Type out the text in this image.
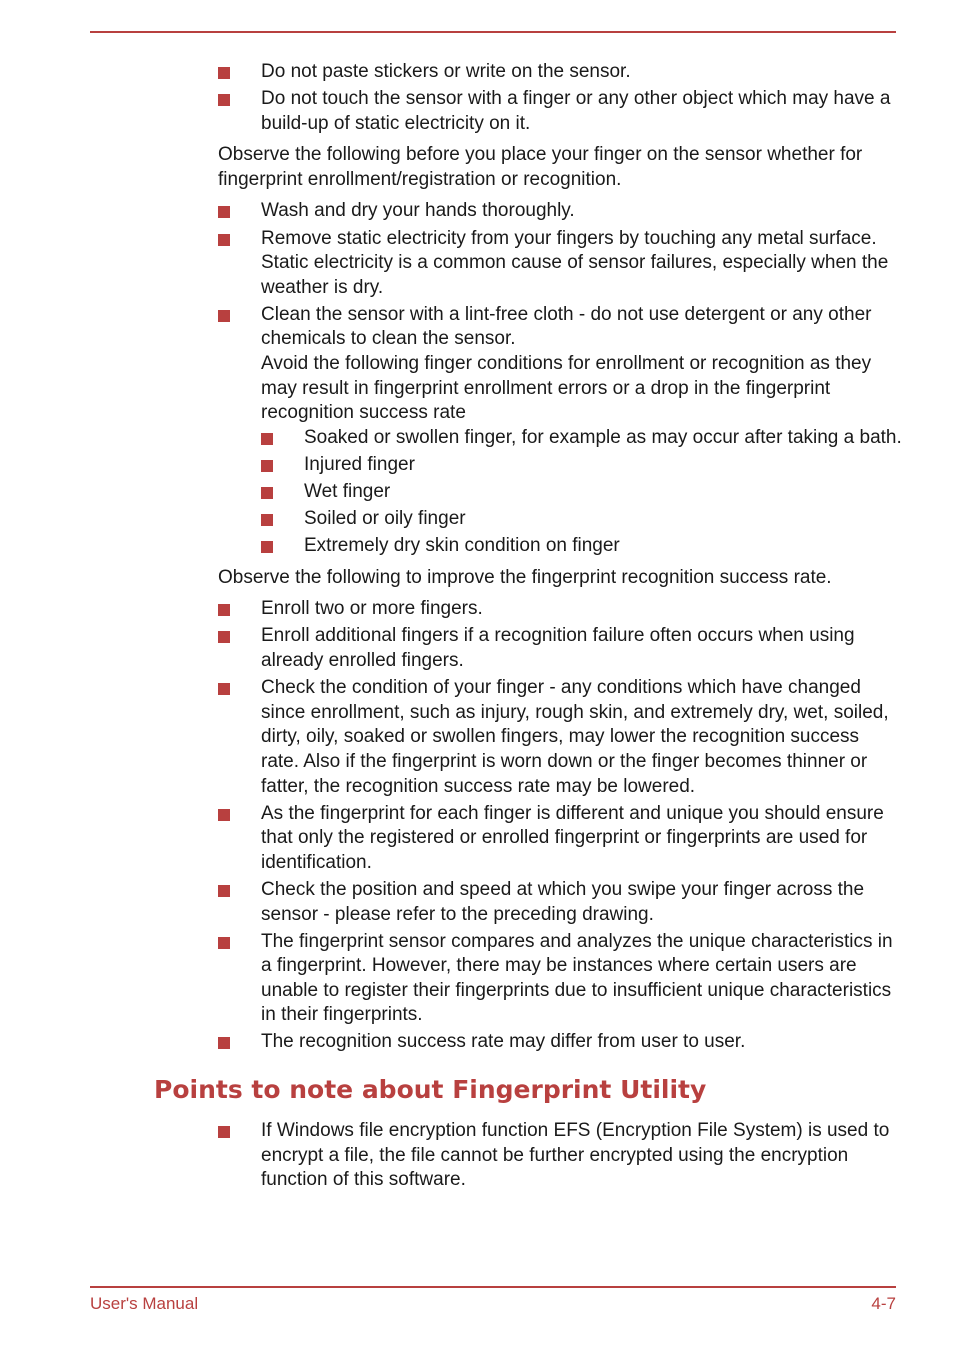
Do not paste stickers or write on the sensor.
Do not touch the sensor with a finger or any other object which may have a build-up of static electricity on it.

Observe the following before you place your finger on the sensor whether for fingerprint enrollment/registration or recognition.

Wash and dry your hands thoroughly.
Remove static electricity from your fingers by touching any metal surface. Static electricity is a common cause of sensor failures, especially when the weather is dry.
Clean the sensor with a lint-free cloth - do not use detergent or any other chemicals to clean the sensor.

Avoid the following finger conditions for enrollment or recognition as they may result in fingerprint enrollment errors or a drop in the fingerprint recognition success rate

Soaked or swollen finger, for example as may occur after taking a bath.
Injured finger
Wet finger
Soiled or oily finger
Extremely dry skin condition on finger

Observe the following to improve the fingerprint recognition success rate.

Enroll two or more fingers.
Enroll additional fingers if a recognition failure often occurs when using already enrolled fingers.
Check the condition of your finger - any conditions which have changed since enrollment, such as injury, rough skin, and extremely dry, wet, soiled, dirty, oily, soaked or swollen fingers, may lower the recognition success rate. Also if the fingerprint is worn down or the finger becomes thinner or fatter, the recognition success rate may be lowered.
As the fingerprint for each finger is different and unique you should ensure that only the registered or enrolled fingerprint or fingerprints are used for identification.
Check the position and speed at which you swipe your finger across the sensor - please refer to the preceding drawing.
The fingerprint sensor compares and analyzes the unique characteristics in a fingerprint. However, there may be instances where certain users are unable to register their fingerprints due to insufficient unique characteristics in their fingerprints.
The recognition success rate may differ from user to user.
Points to note about Fingerprint Utility
If Windows file encryption function EFS (Encryption File System) is used to encrypt a file, the file cannot be further encrypted using the encryption function of this software.
User's Manual	4-7
